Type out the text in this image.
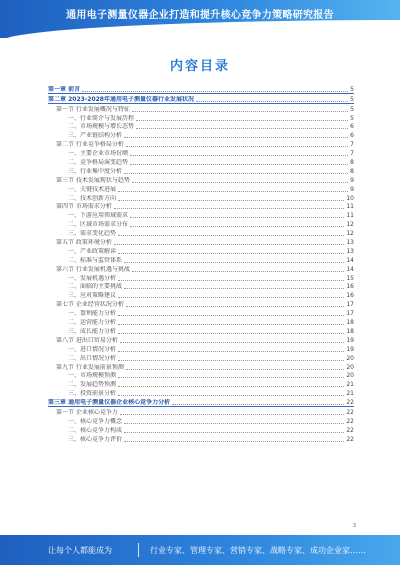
通用电子测量仪器企业打造和提升核心竞争力策略研究报告
内容目录
第一章 前言	5
第二章 2023-2028年通用电子测量仪器行业发展状况	5
第一节 行业发展概况与特征	5
一、行业简介与发展历程	5
二、市场规模与增长态势	6
三、产业链结构分析	6
第二节 行业竞争格局分析	7
一、主要企业市场份额	7
二、竞争格局演变趋势	8
三、行业集中度分析	8
第三节 技术发展现状与趋势	9
一、关键技术进展	9
二、技术创新方向	10
第四节 市场需求分析	11
一、下游应用领域需求	11
二、区域市场需求分布	12
三、需求变化趋势	12
第五节 政策环境分析	13
一、产业政策解读	13
二、标准与监管体系	14
第六节 行业发展机遇与挑战	14
一、发展机遇分析	15
二、面临的主要挑战	16
三、应对策略建议	16
第七节 企业经营状况分析	17
一、盈利能力分析	17
二、运营能力分析	18
三、成长能力分析	18
第八节 进出口贸易分析	19
一、进口情况分析	19
二、出口情况分析	20
第九节 行业发展前景预测	20
一、市场规模预测	20
二、发展趋势预测	21
三、投资前景分析	21
第三章 通用电子测量仪器企业核心竞争力分析	22
第一节 企业核心竞争力	22
一、核心竞争力概念	22
二、核心竞争力构成	22
三、核心竞争力评价	22
3
让每个人都能成为	行业专家、管理专家、营销专家、战略专家、成功企业家……
